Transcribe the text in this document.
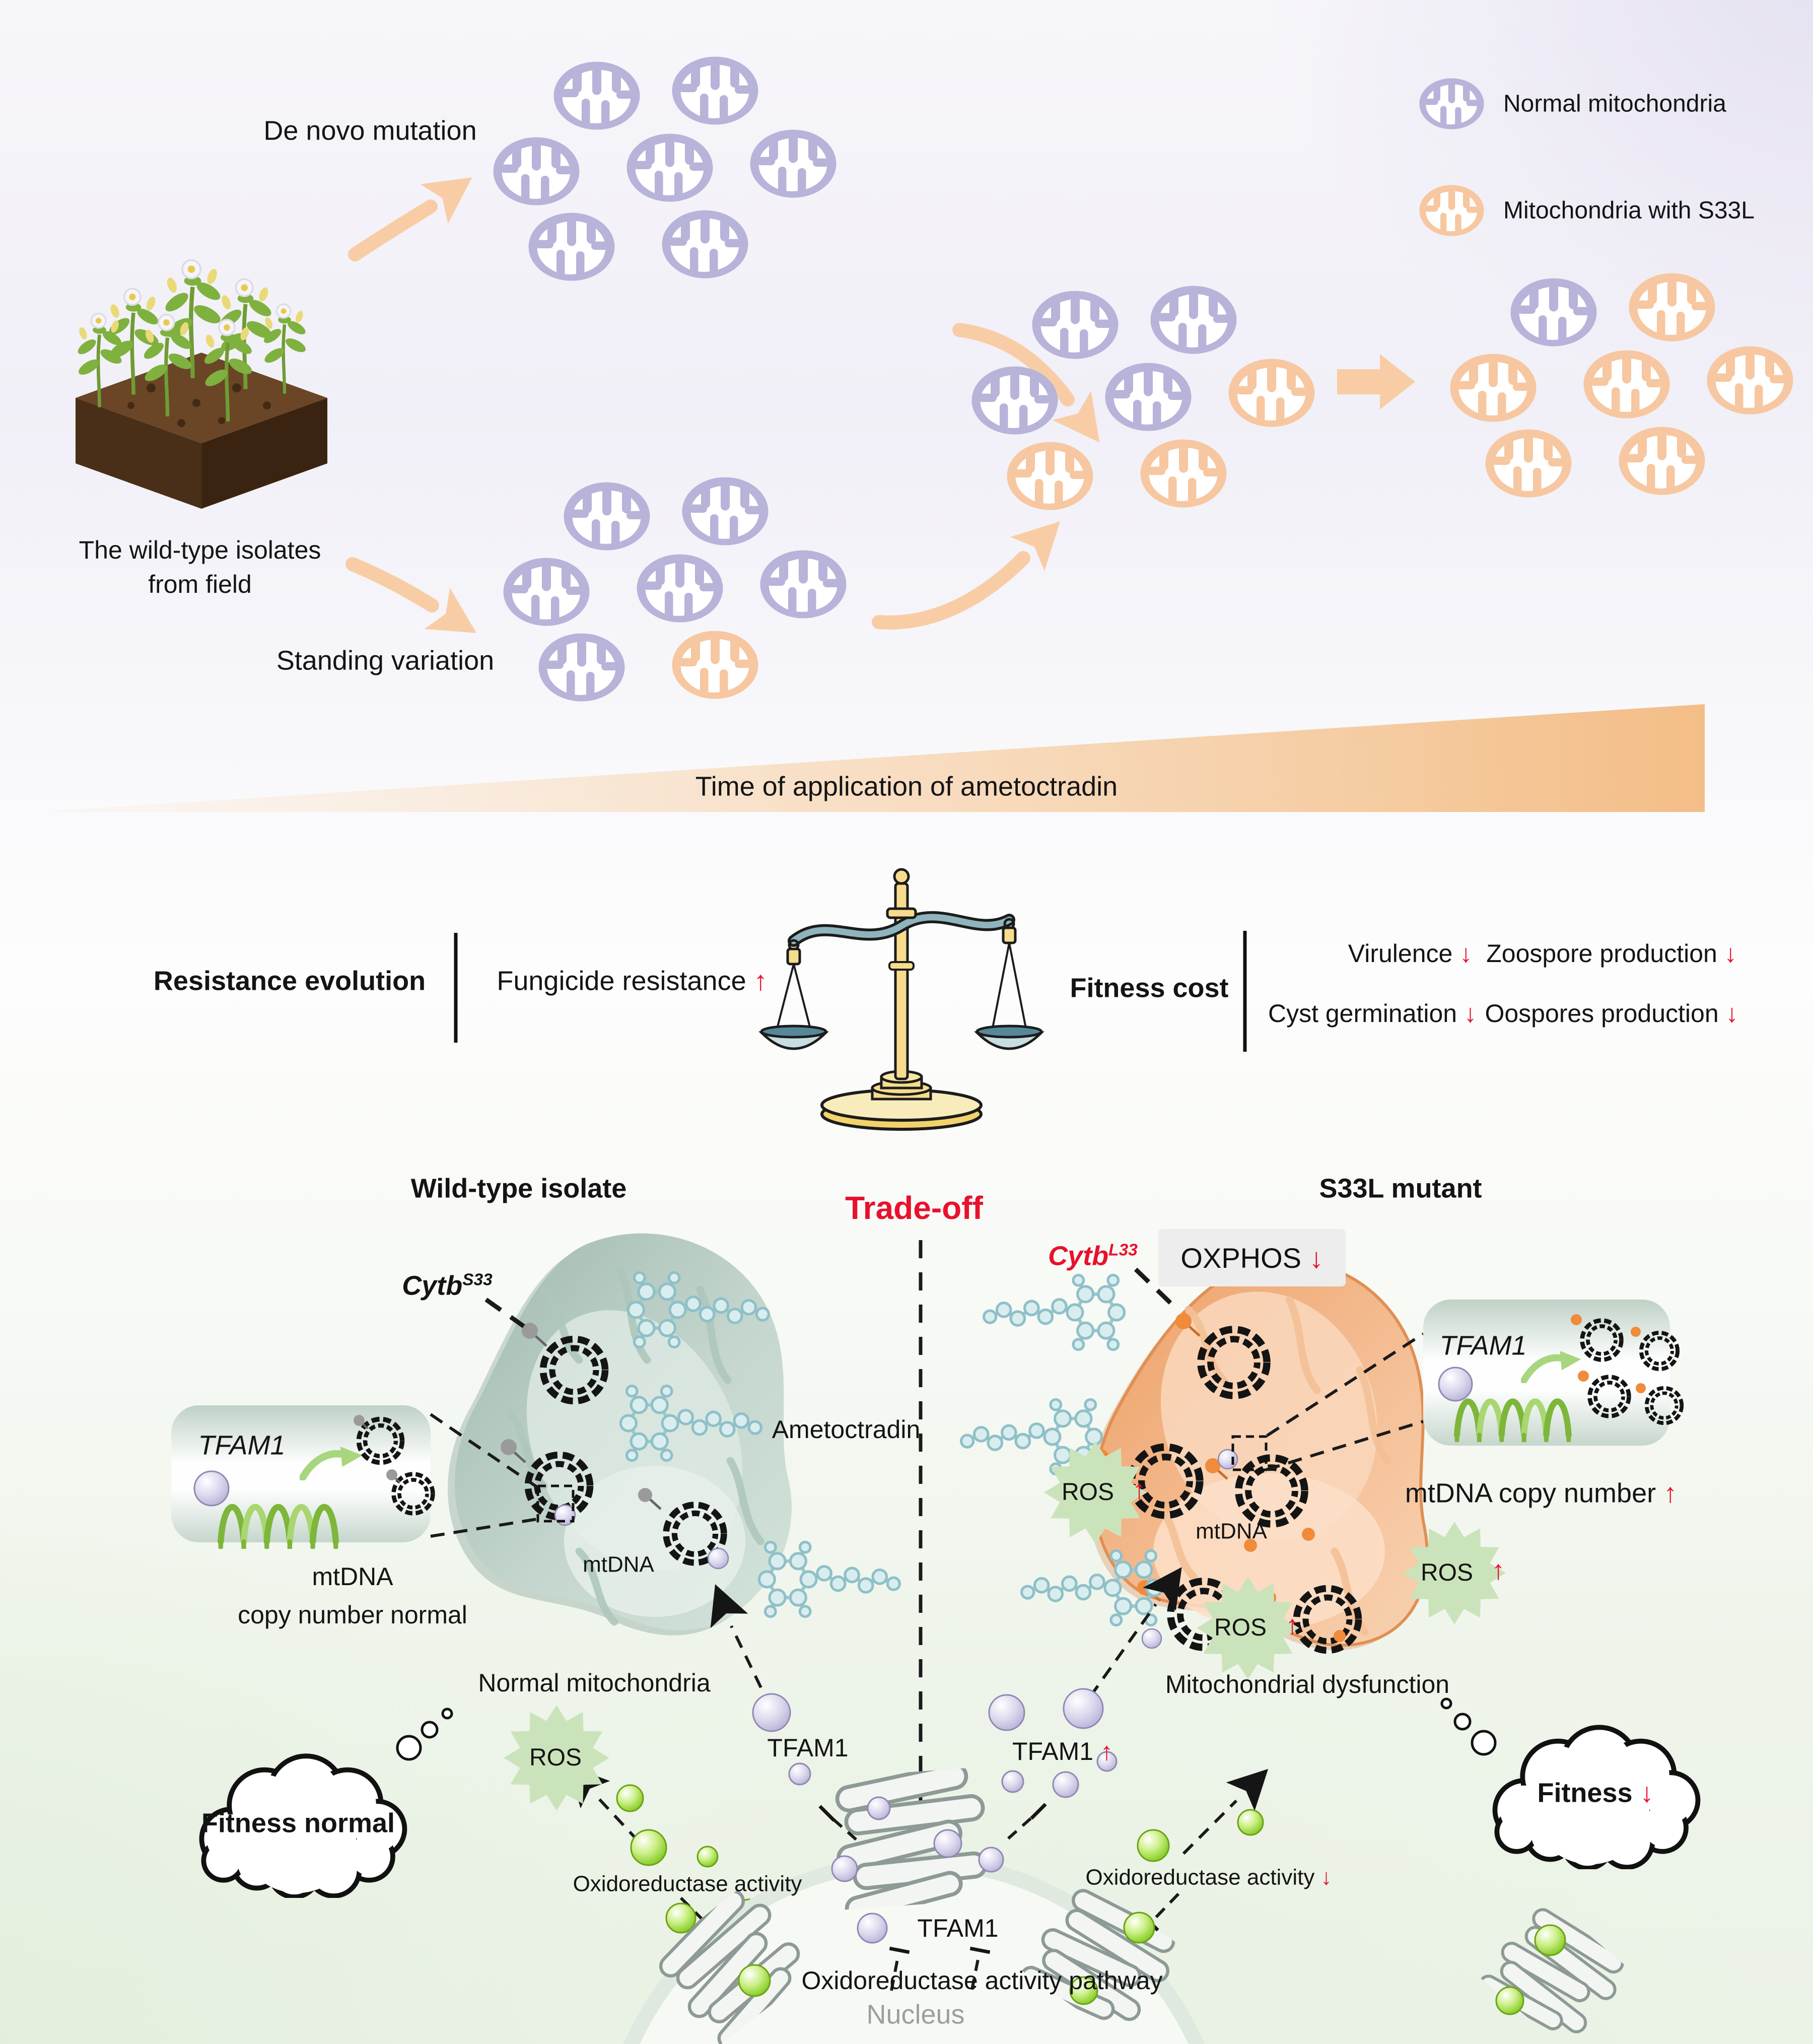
De novo mutation
Normal mitochondria
Mitochondria with S33L
The wild-type isolates
from field
Standing variation
Time of application of ametoctradin
Resistance evolution	Fungicide resistance ↑	Fitness cost
Virulence ↓ Zoospore production ↓
Cyst germination ↓ Oospores production ↓
Trade-off
Wild-type isolate	S33L mutant
Cytb$^{S33}$
TFAM1
mtDNA
copy number normal
Ametoctradin
mtDNA
Normal mitochondria
ROS	TFAM1
Oxidoreductase activity
Fitness normal
Cytb$^{L33}$ OXPHOS
↓
TFAM1
mtDNA copy number ↑
mtDNA
Mitochondrial dysfunction
ROS ↑
ROS ↑
ROS ↑
TFAM1 ↑
Oxidoreductase activity ↓
Fitness ↓
TFAM1
Oxidoreductase activity pathway
Nucleus
